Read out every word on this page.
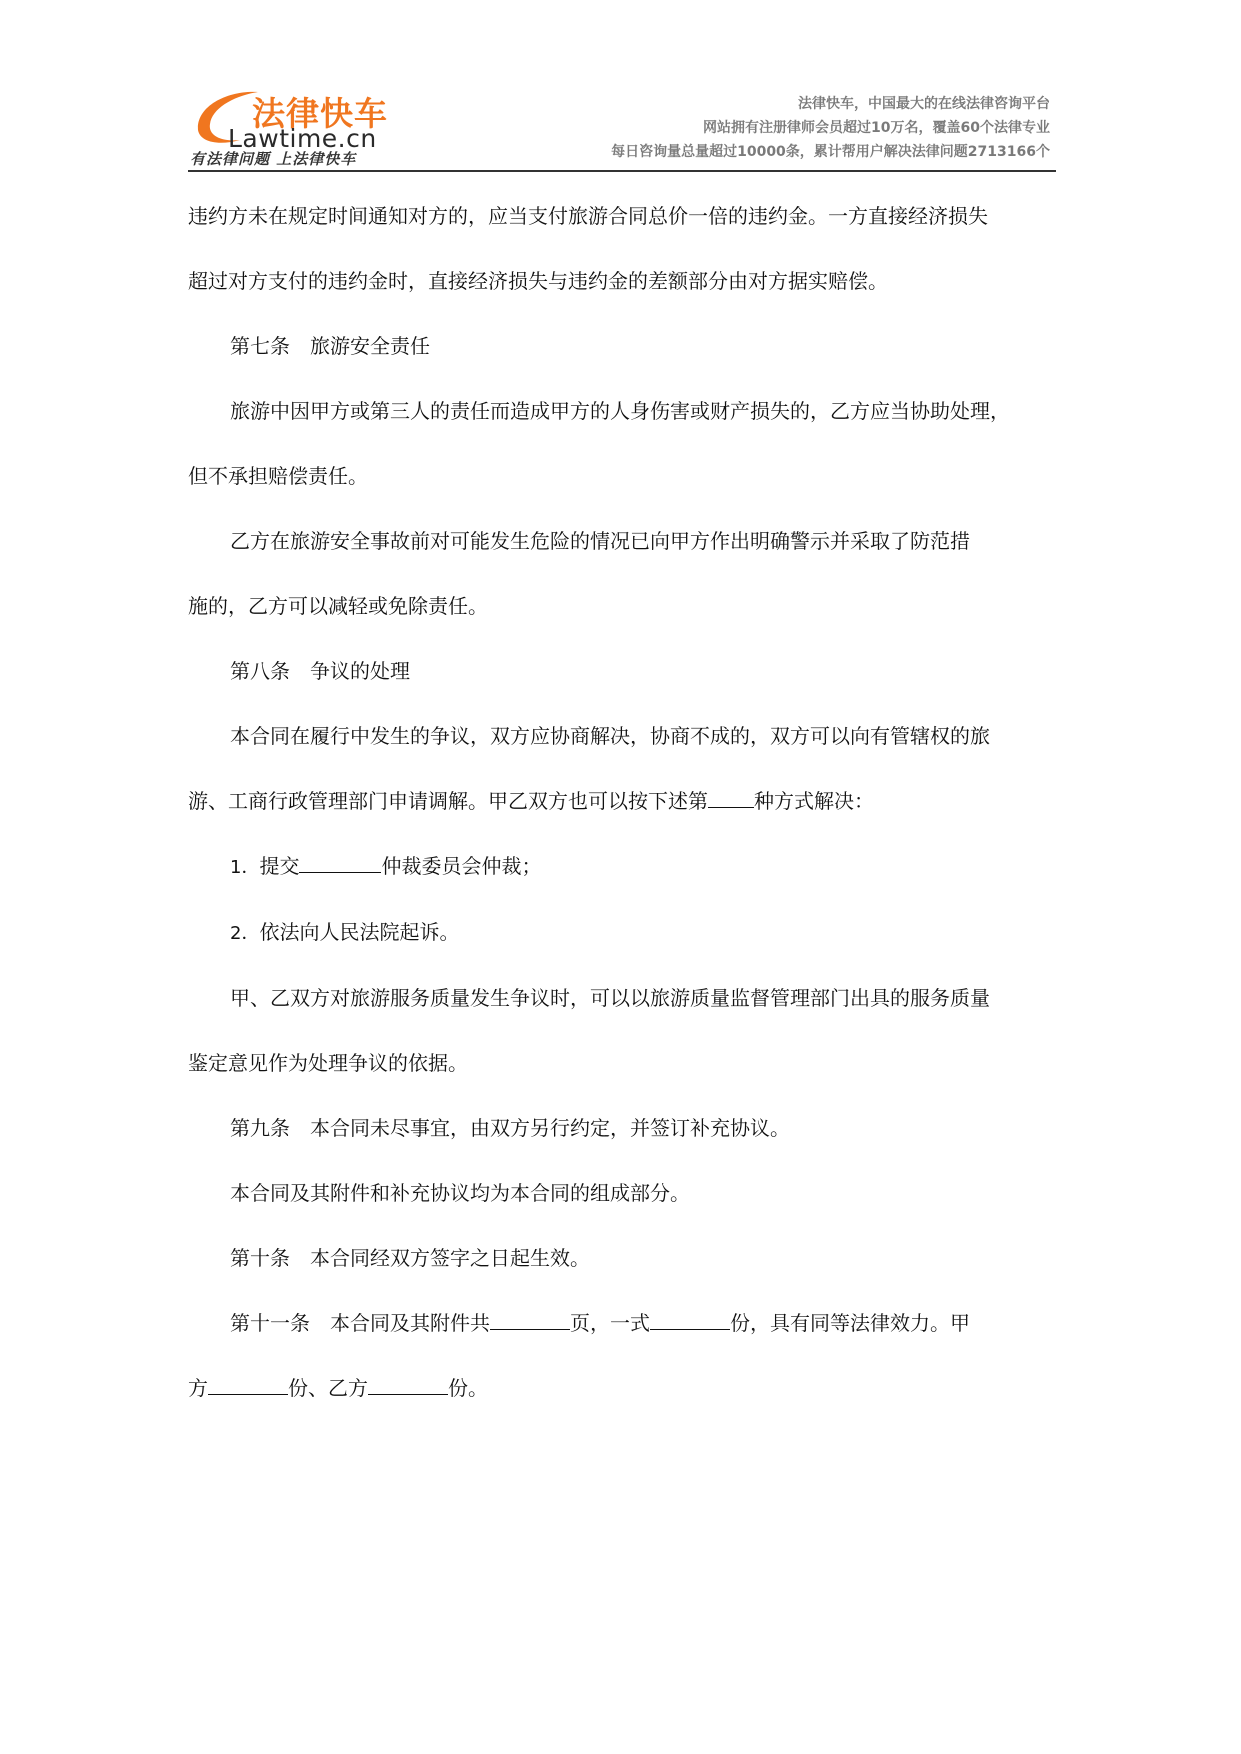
法律快车
Lawtime.cn
有法律问题 上法律快车
法律快车，中国最大的在线法律咨询平台
网站拥有注册律师会员超过10万名，覆盖60个法律专业
每日咨询量总量超过10000条，累计帮用户解决法律问题2713166个

违约方未在规定时间通知对方的，应当支付旅游合同总价一倍的违约金。一方直接经济损失

超过对方支付的违约金时，直接经济损失与违约金的差额部分由对方据实赔偿。

第七条　旅游安全责任

旅游中因甲方或第三人的责任而造成甲方的人身伤害或财产损失的，乙方应当协助处理，

但不承担赔偿责任。

乙方在旅游安全事故前对可能发生危险的情况已向甲方作出明确警示并采取了防范措

施的，乙方可以减轻或免除责任。

第八条　争议的处理

本合同在履行中发生的争议，双方应协商解决，协商不成的，双方可以向有管辖权的旅

游、工商行政管理部门申请调解。甲乙双方也可以按下述第 种方式解决：

1．提交	仲裁委员会仲裁；

2．依法向人民法院起诉。

甲、乙双方对旅游服务质量发生争议时，可以以旅游质量监督管理部门出具的服务质量

鉴定意见作为处理争议的依据。

第九条　本合同未尽事宜，由双方另行约定，并签订补充协议。

本合同及其附件和补充协议均为本合同的组成部分。

第十条　本合同经双方签字之日起生效。

第十一条　本合同及其附件共	页，一式	份，具有同等法律效力。甲

方	份、乙方	份。
